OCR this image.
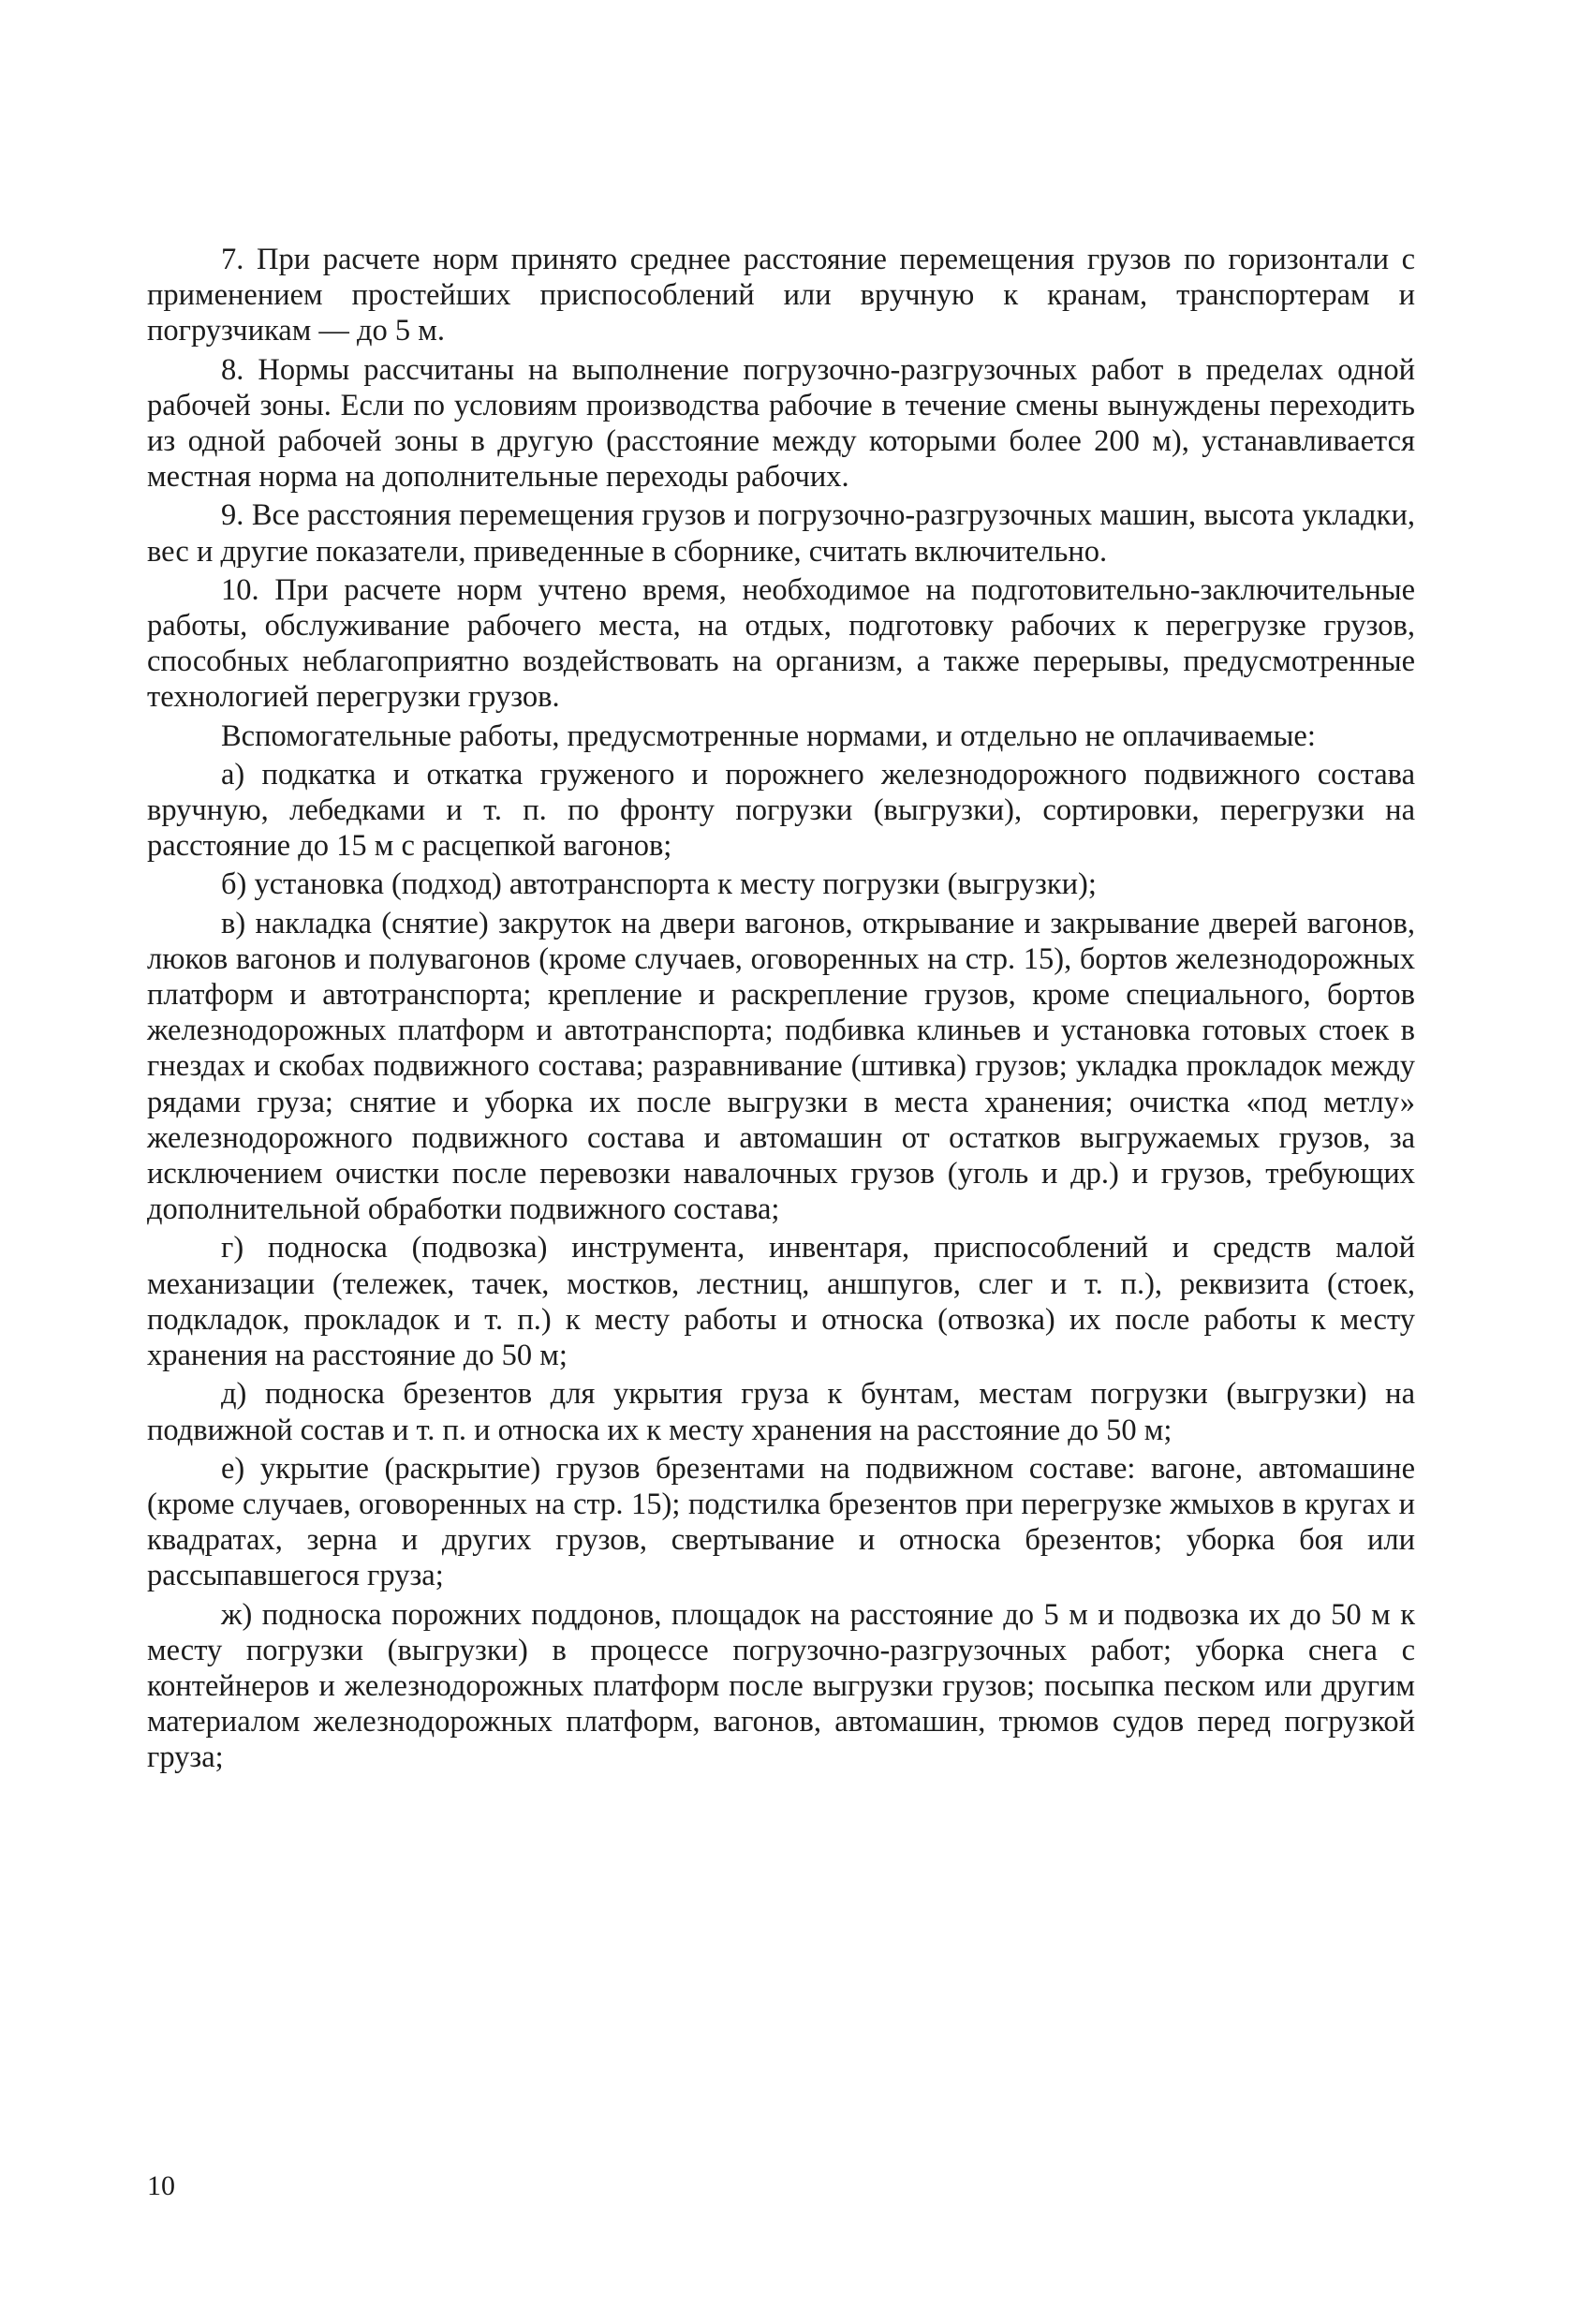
7. При расчете норм принято среднее расстояние перемещения грузов по горизонтали с применением простейших приспособлений или вручную к кранам, транспортерам и погрузчикам — до 5 м.

8. Нормы рассчитаны на выполнение погрузочно-разгрузочных работ в пределах одной рабочей зоны. Если по условиям производства рабочие в течение смены вынуждены переходить из одной рабочей зоны в другую (расстояние между которыми более 200 м), устанавливается местная норма на дополнительные переходы рабочих.

9. Все расстояния перемещения грузов и погрузочно-разгрузочных машин, высота укладки, вес и другие показатели, приведенные в сборнике, считать включительно.

10. При расчете норм учтено время, необходимое на подготовительно-заключительные работы, обслуживание рабочего места, на отдых, подготовку рабочих к перегрузке грузов, способных неблагоприятно воздействовать на организм, а также перерывы, предусмотренные технологией перегрузки грузов.

Вспомогательные работы, предусмотренные нормами, и отдельно не оплачиваемые:

а) подкатка и откатка груженого и порожнего железнодорожного подвижного состава вручную, лебедками и т. п. по фронту погрузки (выгрузки), сортировки, перегрузки на расстояние до 15 м с расцепкой вагонов;

б) установка (подход) автотранспорта к месту погрузки (выгрузки);

в) накладка (снятие) закруток на двери вагонов, открывание и закрывание дверей вагонов, люков вагонов и полувагонов (кроме случаев, оговоренных на стр. 15), бортов железнодорожных платформ и автотранспорта; крепление и раскрепление грузов, кроме специального, бортов железнодорожных платформ и автотранспорта; подбивка клиньев и установка готовых стоек в гнездах и скобах подвижного состава; разравнивание (штивка) грузов; укладка прокладок между рядами груза; снятие и уборка их после выгрузки в места хранения; очистка «под метлу» железнодорожного подвижного состава и автомашин от остатков выгружаемых грузов, за исключением очистки после перевозки навалочных грузов (уголь и др.) и грузов, требующих дополнительной обработки подвижного состава;

г) подноска (подвозка) инструмента, инвентаря, приспособлений и средств малой механизации (тележек, тачек, мостков, лестниц, аншпугов, слег и т. п.), реквизита (стоек, подкладок, прокладок и т. п.) к месту работы и относка (отвозка) их после работы к месту хранения на расстояние до 50 м;

д) подноска брезентов для укрытия груза к бунтам, местам погрузки (выгрузки) на подвижной состав и т. п. и относка их к месту хранения на расстояние до 50 м;

е) укрытие (раскрытие) грузов брезентами на подвижном составе: вагоне, автомашине (кроме случаев, оговоренных на стр. 15); подстилка брезентов при перегрузке жмыхов в кругах и квадратах, зерна и других грузов, свертывание и относка брезентов; уборка боя или рассыпавшегося груза;

ж) подноска порожних поддонов, площадок на расстояние до 5 м и подвозка их до 50 м к месту погрузки (выгрузки) в процессе погрузочно-разгрузочных работ; уборка снега с контейнеров и железнодорожных платформ после выгрузки грузов; посыпка песком или другим материалом железнодорожных платформ, вагонов, автомашин, трюмов судов перед погрузкой груза;

10
